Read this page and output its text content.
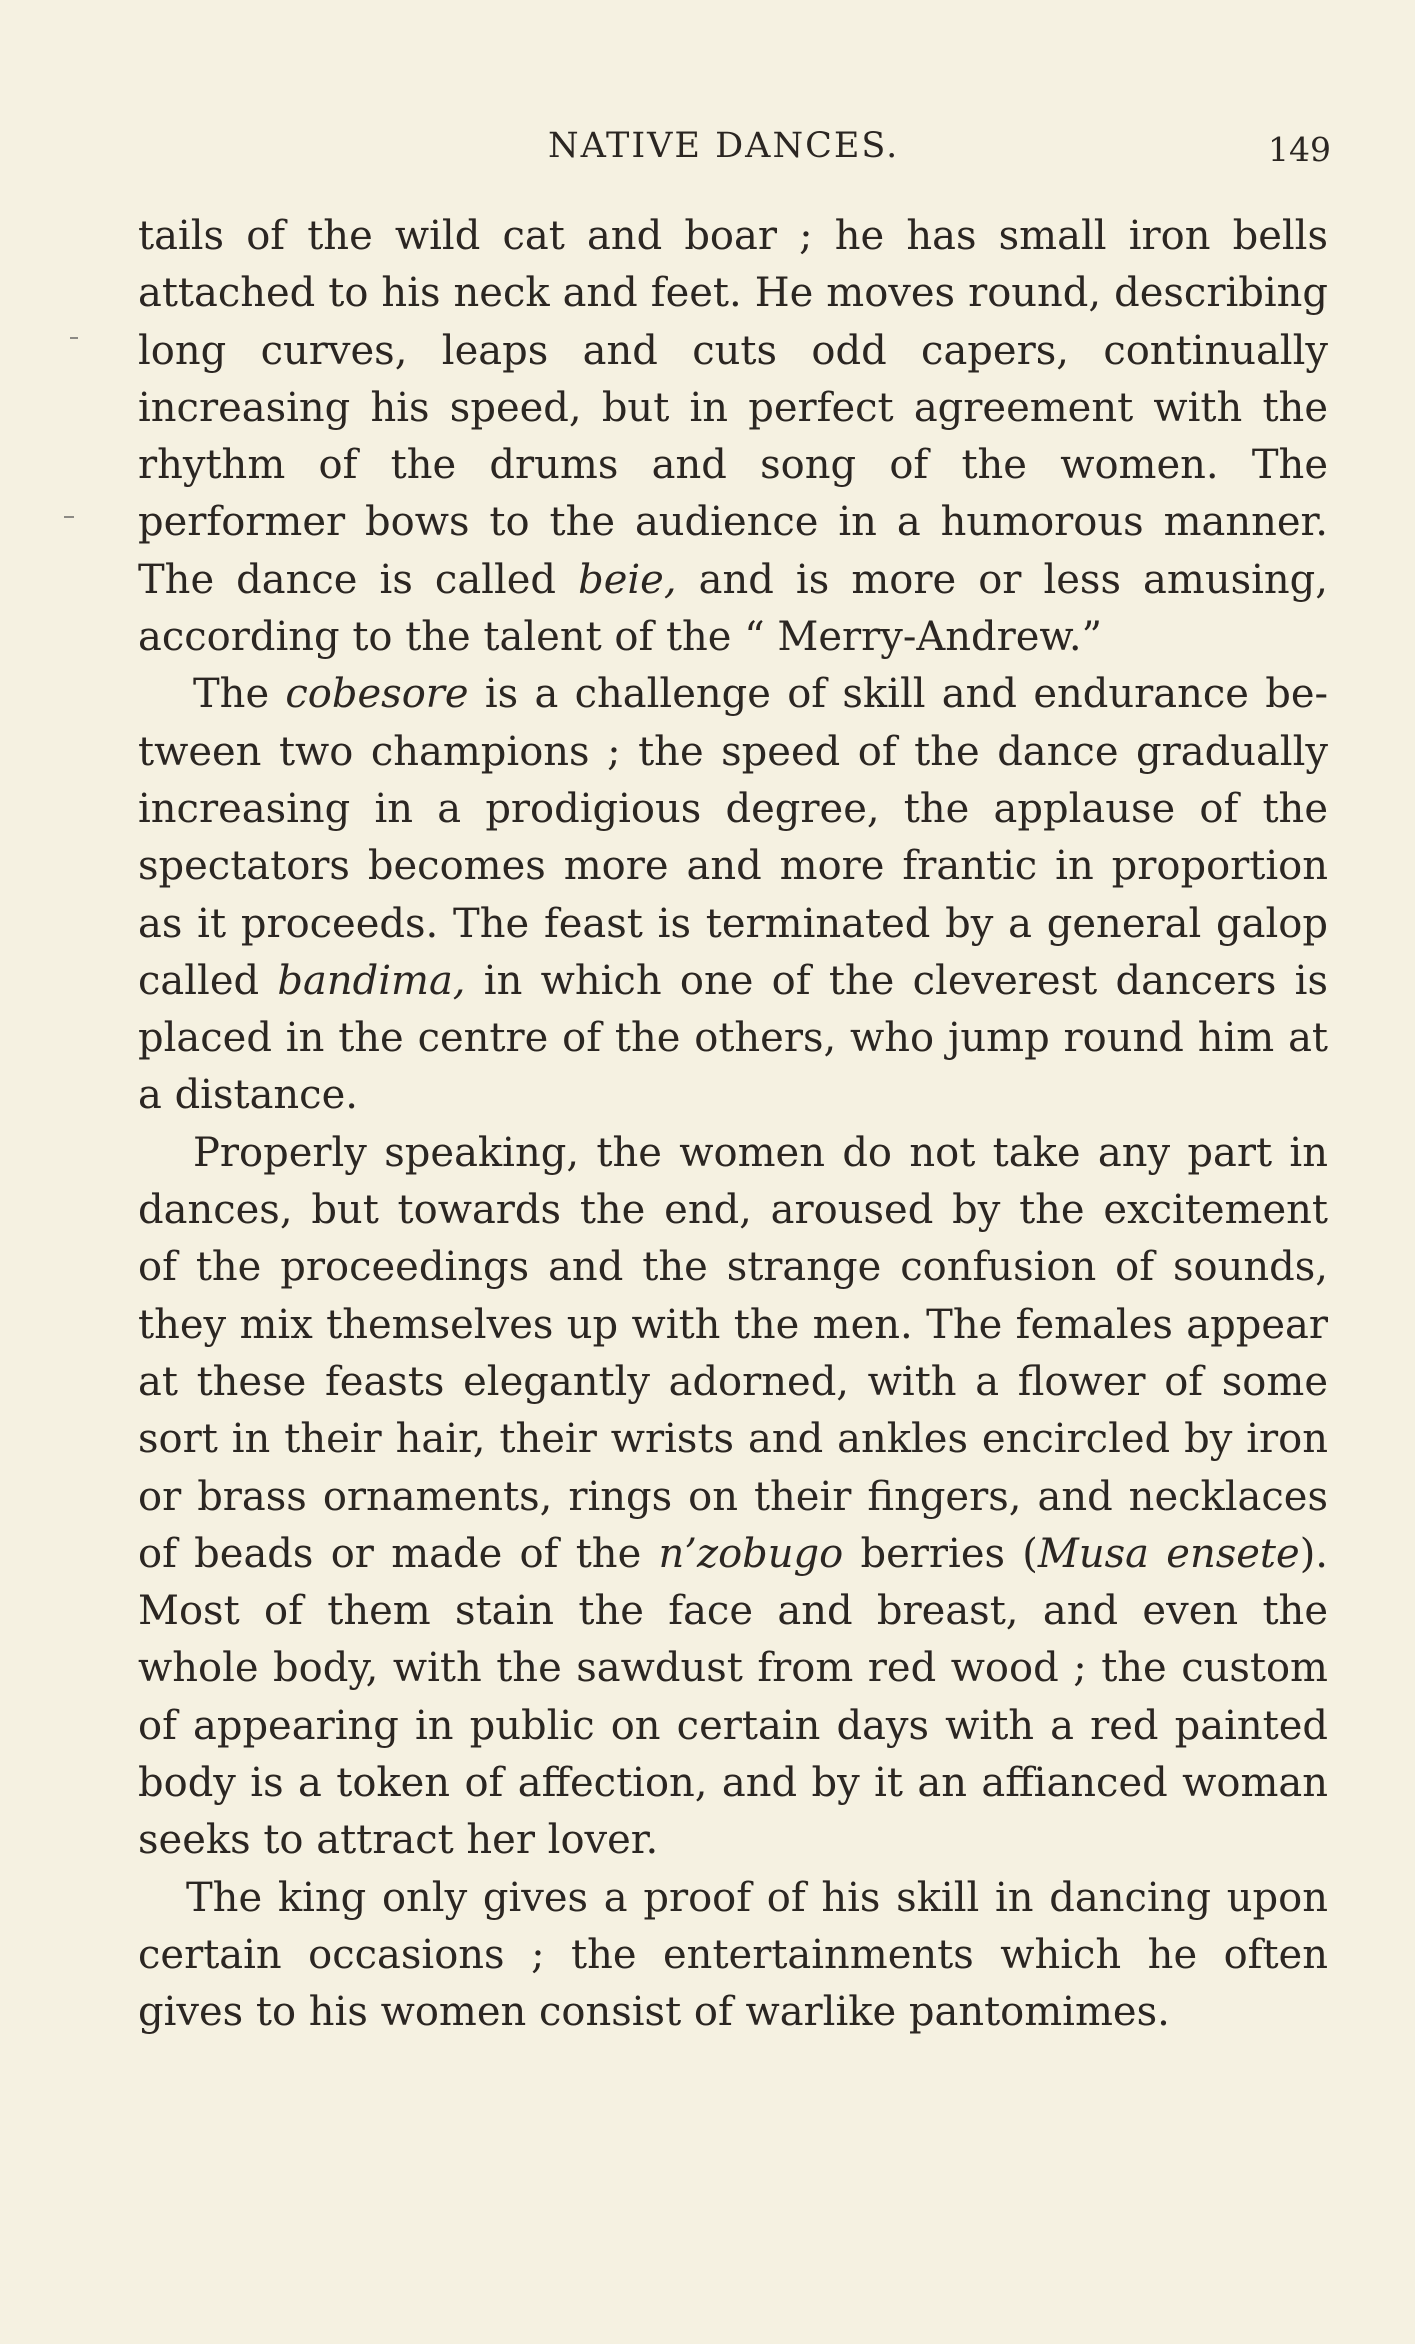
NATIVE DANCES.	149

tails of the wild cat and boar ; he has small iron bells attached to his neck and feet. He moves round, describing long curves, leaps and cuts odd capers, continually increasing his speed, but in perfect agreement with the rhythm of the drums and song of the women. The performer bows to the audience in a humorous manner. The dance is called beie, and is more or less amusing, according to the talent of the “ Merry-Andrew.”

The cobesore is a challenge of skill and endurance between two champions ; the speed of the dance gradually increasing in a prodigious degree, the applause of the spectators becomes more and more frantic in proportion as it proceeds. The feast is terminated by a general galop called bandima, in which one of the cleverest dancers is placed in the centre of the others, who jump round him at a distance.

Properly speaking, the women do not take any part in dances, but towards the end, aroused by the excitement of the proceedings and the strange confusion of sounds, they mix themselves up with the men. The females appear at these feasts elegantly adorned, with a flower of some sort in their hair, their wrists and ankles encircled by iron or brass ornaments, rings on their fingers, and necklaces of beads or made of the n’zobugo berries (Musa ensete). Most of them stain the face and breast, and even the whole body, with the sawdust from red wood ; the custom of appearing in public on certain days with a red painted body is a token of affection, and by it an affianced woman seeks to attract her lover.

The king only gives a proof of his skill in dancing upon certain occasions ; the entertainments which he often gives to his women consist of warlike pantomimes.
